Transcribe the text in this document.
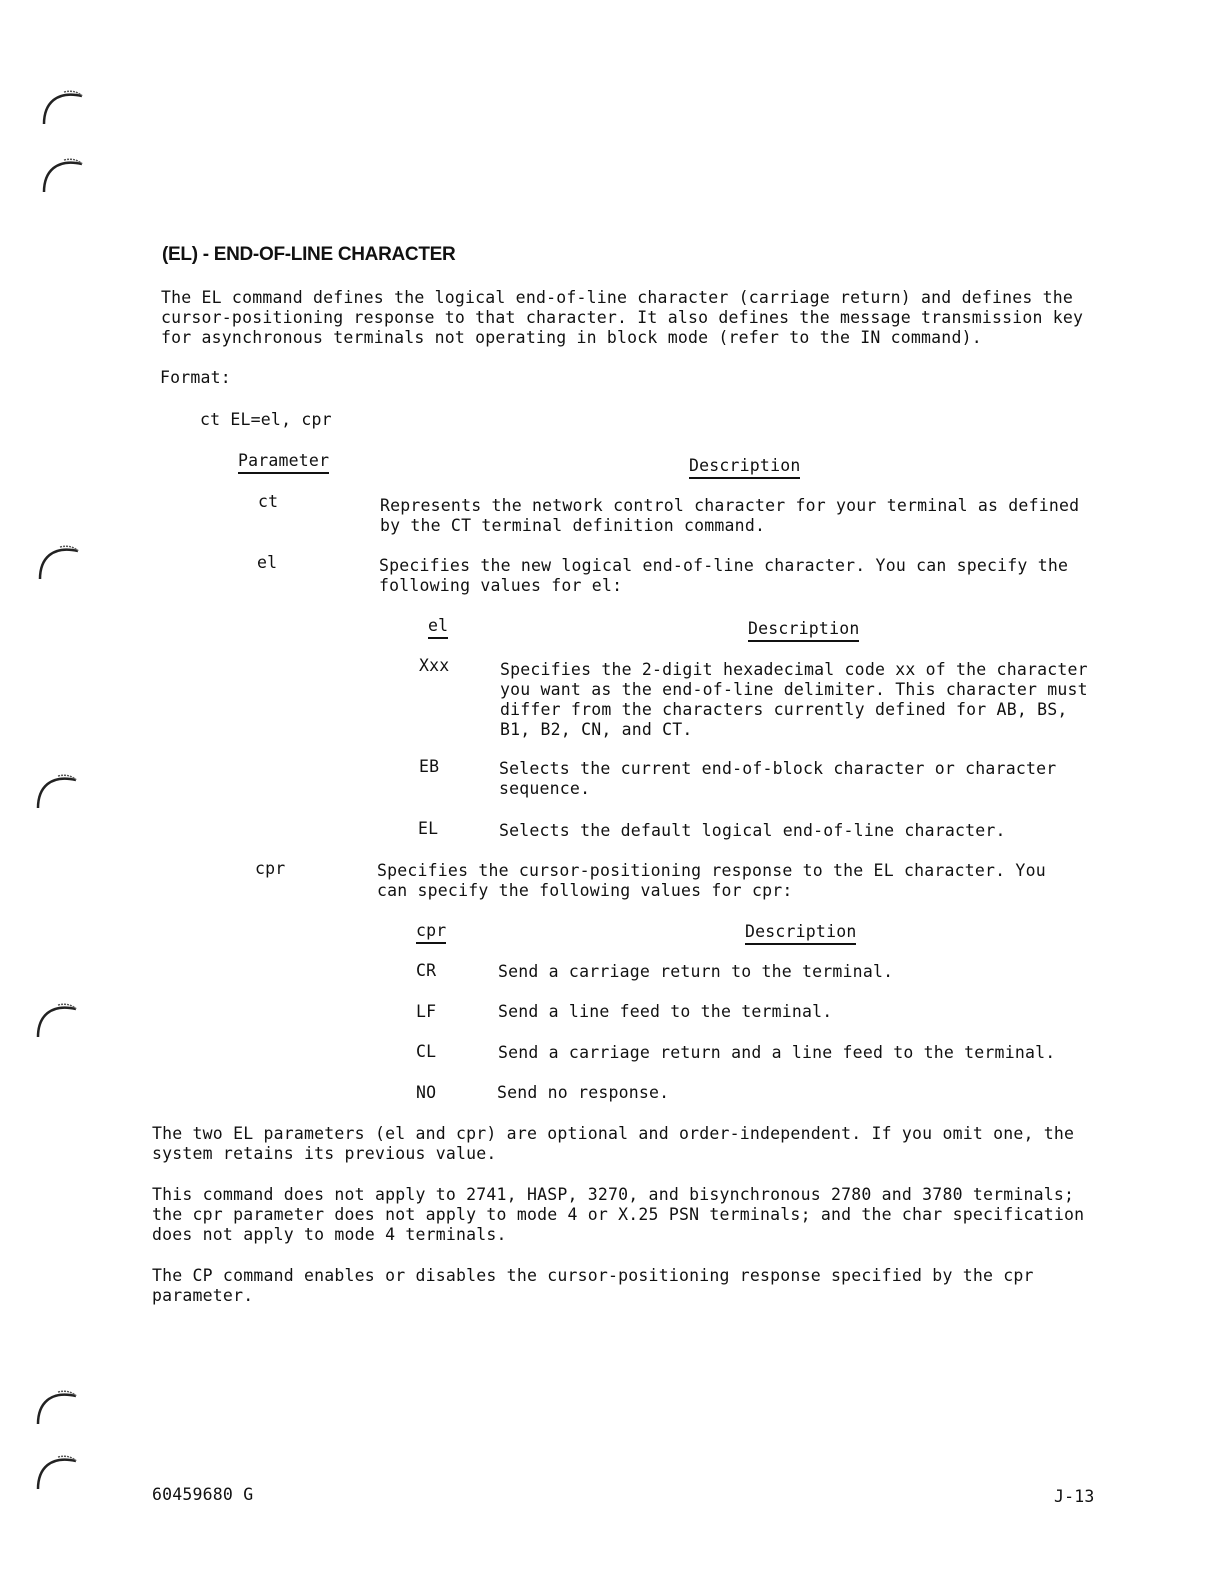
(EL) - END-OF-LINE CHARACTER

The EL command defines the logical end-of-line character (carriage return) and defines the cursor-positioning response to that character. It also defines the message transmission key for asynchronous terminals not operating in block mode (refer to the IN command).

Format:
ct EL=el, cpr
Parameter	Description
ct	Represents the network control character for your terminal as defined by the CT terminal definition command.

el	Specifies the new logical end-of-line character. You can specify the following values for el:

el	Description
Xxx	Specifies the 2-digit hexadecimal code xx of the character you want as the end-of-line delimiter. This character must differ from the characters currently defined for AB, BS, B1, B2, CN, and CT.

EB	Selects the current end-of-block character or character sequence.

EL	Selects the default logical end-of-line character.

cpr	Specifies the cursor-positioning response to the EL character. You can specify the following values for cpr:

cpr	Description
CR	Send a carriage return to the terminal.
LF	Send a line feed to the terminal.
CL	Send a carriage return and a line feed to the terminal.
NO	Send no response.

The two EL parameters (el and cpr) are optional and order-independent. If you omit one, the system retains its previous value.

This command does not apply to 2741, HASP, 3270, and bisynchronous 2780 and 3780 terminals; the cpr parameter does not apply to mode 4 or X.25 PSN terminals; and the char specification does not apply to mode 4 terminals.

The CP command enables or disables the cursor-positioning response specified by the cpr parameter.

60459680 G	J-13
